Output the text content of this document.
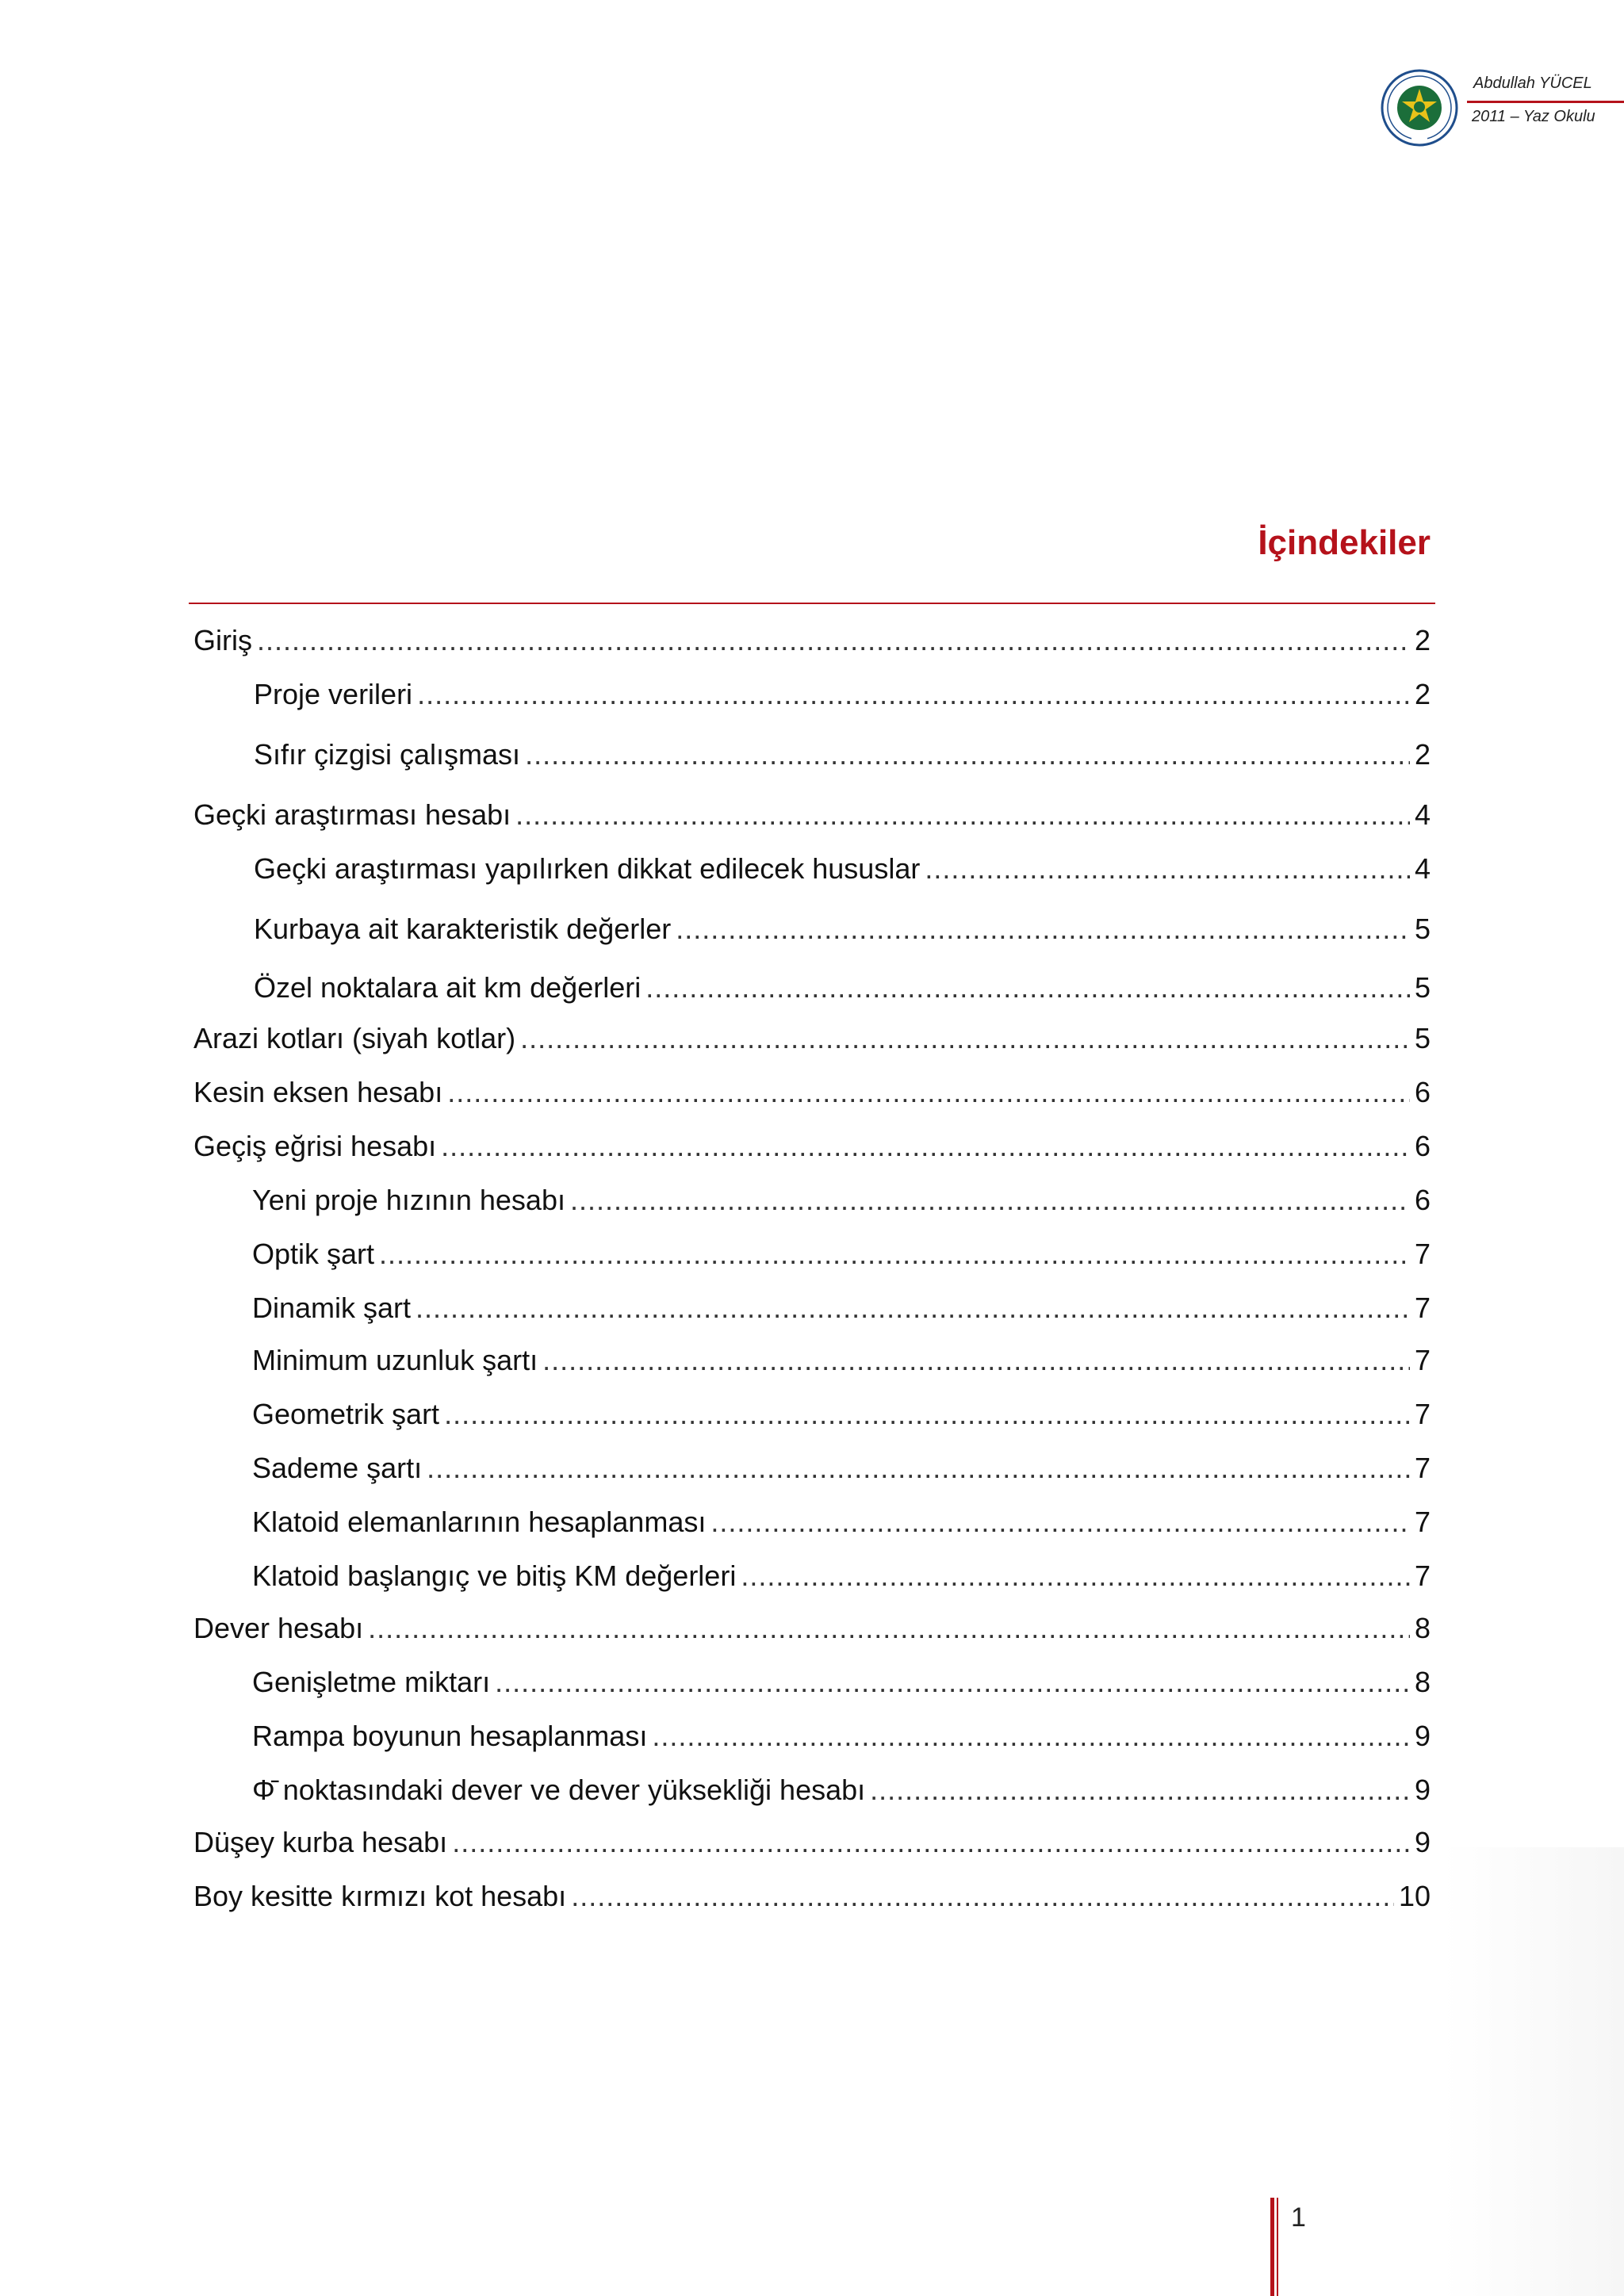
Abdullah YÜCEL
2011 – Yaz Okulu
İçindekiler
Giriş .....	2
Proje verileri .....	2
Sıfır çizgisi çalışması .....	2
Geçki araştırması hesabı .....	4
Geçki araştırması yapılırken dikkat edilecek hususlar .....	4
Kurbaya ait karakteristik değerler .....	5
Özel noktalara ait km değerleri .....	5
Arazi kotları (siyah kotlar) .....	5
Kesin eksen hesabı .....	6
Geçiş eğrisi hesabı .....	6
Yeni proje hızının hesabı .....	6
Optik şart .....	7
Dinamik şart .....	7
Minimum uzunluk şartı .....	7
Geometrik şart .....	7
Sademe şartı .....	7
Klatoid elemanlarının hesaplanması .....	7
Klatoid başlangıç ve bitiş KM değerleri .....	7
Dever hesabı .....	8
Genişletme miktarı .....	8
Rampa boyunun hesaplanması .....	9
Φ̄ noktasındaki dever ve dever yüksekliği hesabı .....	9
Düşey kurba hesabı .....	9
Boy kesitte kırmızı kot hesabı .....	10
1
